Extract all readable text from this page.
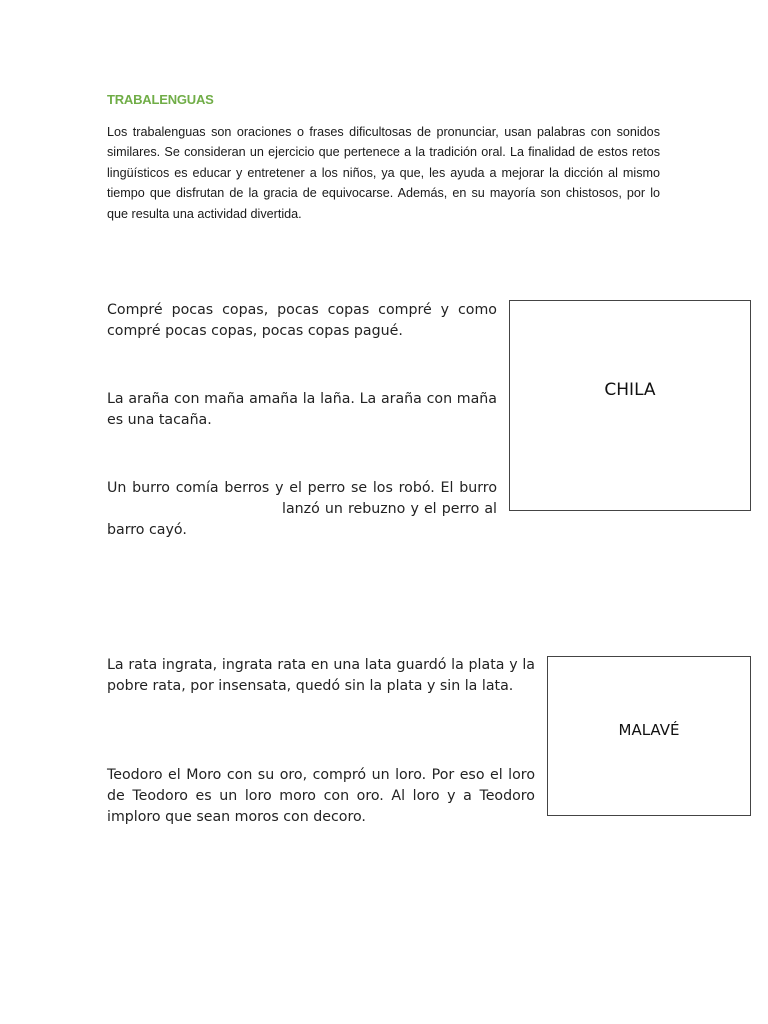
TRABALENGUAS

Los trabalenguas son oraciones o frases dificultosas de pronunciar, usan palabras con sonidos similares. Se consideran un ejercicio que pertenece a la tradición oral. La finalidad de estos retos lingüísticos es educar y entretener a los niños, ya que, les ayuda a mejorar la dicción al mismo tiempo que disfrutan de la gracia de equivocarse. Además, en su mayoría son chistosos, por lo que resulta una actividad divertida.

Compré pocas copas, pocas copas compré y como compré pocas copas, pocas copas pagué.

La araña con maña amaña la laña. La araña con maña es una tacaña.

Un burro comía berros y el perro se los robó. El burrolanzó un rebuzno y el perro al barro cayó.

CHILA

La rata ingrata, ingrata rata en una lata guardó la plata y la pobre rata, por insensata, quedó sin la plata y sin la lata.

Teodoro el Moro con su oro, compró un loro. Por eso el loro de Teodoro es un loro moro con oro. Al loro y a Teodoro imploro que sean moros con decoro.

MALAVÉ
